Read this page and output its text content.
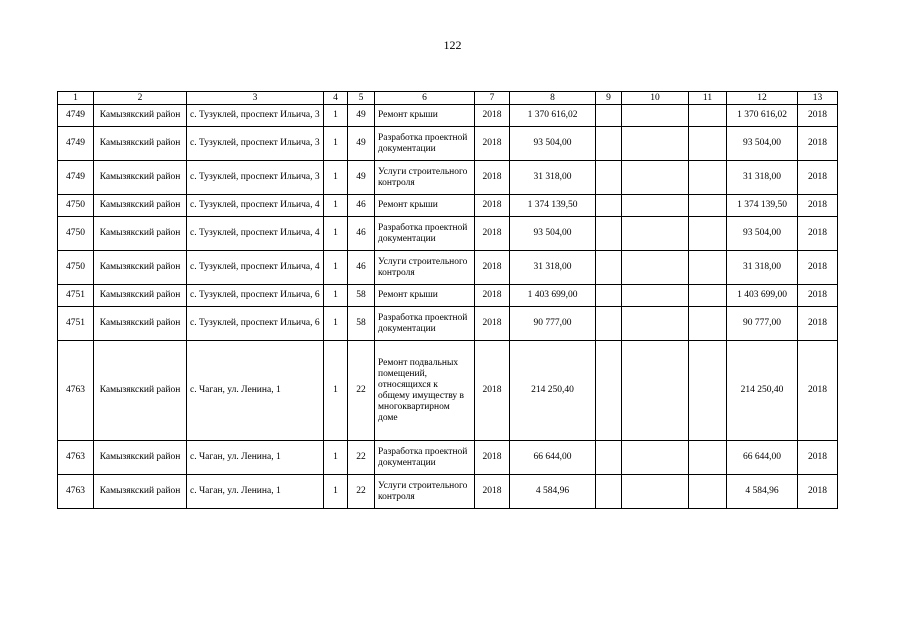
122
1	2	3	4	5	6	7	8	9	10	11	12	13
4749	Камызякский район	с. Тузуклей, проспект Ильича, 3	1	49	Ремонт крыши	2018	1 370 616,02				1 370 616,02	2018
4749	Камызякский район	с. Тузуклей, проспект Ильича, 3	1	49	Разработка проектной документации	2018	93 504,00				93 504,00	2018
4749	Камызякский район	с. Тузуклей, проспект Ильича, 3	1	49	Услуги строительного контроля	2018	31 318,00				31 318,00	2018
4750	Камызякский район	с. Тузуклей, проспект Ильича, 4	1	46	Ремонт крыши	2018	1 374 139,50				1 374 139,50	2018
4750	Камызякский район	с. Тузуклей, проспект Ильича, 4	1	46	Разработка проектной документации	2018	93 504,00				93 504,00	2018
4750	Камызякский район	с. Тузуклей, проспект Ильича, 4	1	46	Услуги строительного контроля	2018	31 318,00				31 318,00	2018
4751	Камызякский район	с. Тузуклей, проспект Ильича, 6	1	58	Ремонт крыши	2018	1 403 699,00				1 403 699,00	2018
4751	Камызякский район	с. Тузуклей, проспект Ильича, 6	1	58	Разработка проектной документации	2018	90 777,00				90 777,00	2018
4763	Камызякский район	с. Чаган, ул. Ленина, 1	1	22	Ремонт подвальных помещений, относящихся к общему имуществу в многоквартирном доме	2018	214 250,40				214 250,40	2018
4763	Камызякский район	с. Чаган, ул. Ленина, 1	1	22	Разработка проектной документации	2018	66 644,00				66 644,00	2018
4763	Камызякский район	с. Чаган, ул. Ленина, 1	1	22	Услуги строительного контроля	2018	4 584,96				4 584,96	2018
